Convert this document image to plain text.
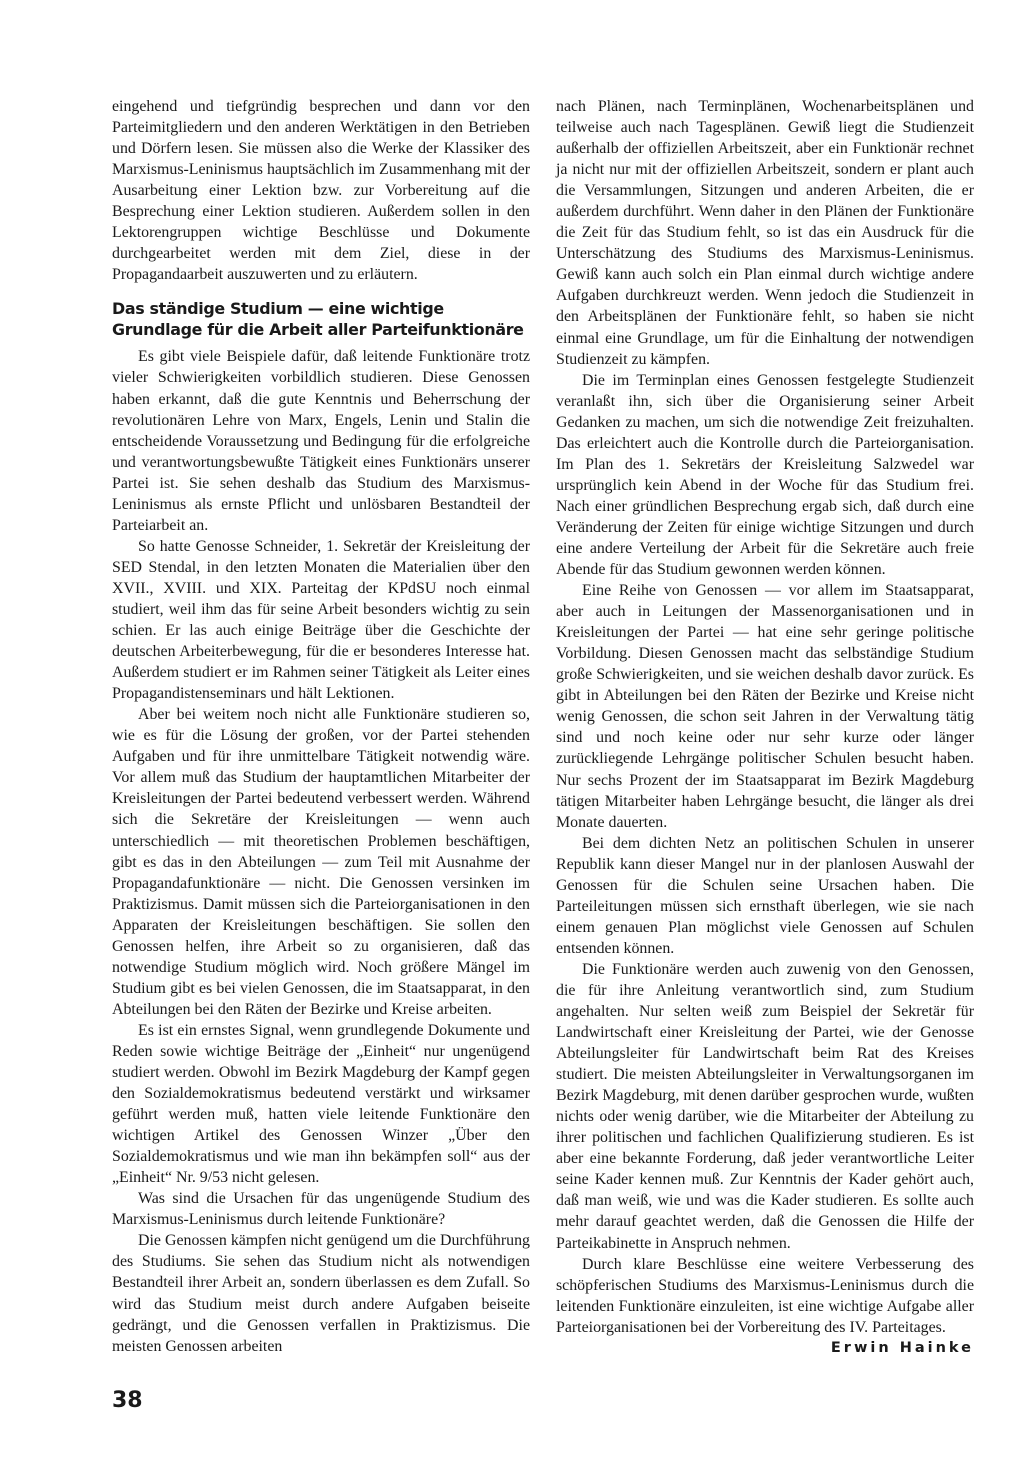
eingehend und tiefgründig besprechen und dann vor den Parteimitgliedern und den anderen Werktätigen in den Betrieben und Dörfern lesen. Sie müssen also die Werke der Klassiker des Marxismus-Leninismus hauptsächlich im Zusammenhang mit der Ausarbeitung einer Lektion bzw. zur Vorbereitung auf die Besprechung einer Lektion studieren. Außerdem sollen in den Lektorengruppen wichtige Beschlüsse und Dokumente durchgearbeitet werden mit dem Ziel, diese in der Propagandaarbeit auszuwerten und zu erläutern.

Das ständige Studium — eine wichtige Grundlage für die Arbeit aller Parteifunktionäre

Es gibt viele Beispiele dafür, daß leitende Funktionäre trotz vieler Schwierigkeiten vorbildlich studieren. Diese Genossen haben erkannt, daß die gute Kenntnis und Beherrschung der revolutionären Lehre von Marx, Engels, Lenin und Stalin die entscheidende Voraussetzung und Bedingung für die erfolgreiche und verantwortungsbewußte Tätigkeit eines Funktionärs unserer Partei ist. Sie sehen deshalb das Studium des Marxismus-Leninismus als ernste Pflicht und unlösbaren Bestandteil der Parteiarbeit an.

So hatte Genosse Schneider, 1. Sekretär der Kreisleitung der SED Stendal, in den letzten Monaten die Materialien über den XVII., XVIII. und XIX. Parteitag der KPdSU noch einmal studiert, weil ihm das für seine Arbeit besonders wichtig zu sein schien. Er las auch einige Beiträge über die Geschichte der deutschen Arbeiterbewegung, für die er besonderes Interesse hat. Außerdem studiert er im Rahmen seiner Tätigkeit als Leiter eines Propagandistenseminars und hält Lektionen.

Aber bei weitem noch nicht alle Funktionäre studieren so, wie es für die Lösung der großen, vor der Partei stehenden Aufgaben und für ihre unmittelbare Tätigkeit notwendig wäre. Vor allem muß das Studium der hauptamtlichen Mitarbeiter der Kreisleitungen der Partei bedeutend verbessert werden. Während sich die Sekretäre der Kreisleitungen — wenn auch unterschiedlich — mit theoretischen Problemen beschäftigen, gibt es das in den Abteilungen — zum Teil mit Ausnahme der Propagandafunktionäre — nicht. Die Genossen versinken im Praktizismus. Damit müssen sich die Parteiorganisationen in den Apparaten der Kreisleitungen beschäftigen. Sie sollen den Genossen helfen, ihre Arbeit so zu organisieren, daß das notwendige Studium möglich wird. Noch größere Mängel im Studium gibt es bei vielen Genossen, die im Staatsapparat, in den Abteilungen bei den Räten der Bezirke und Kreise arbeiten.

Es ist ein ernstes Signal, wenn grundlegende Dokumente und Reden sowie wichtige Beiträge der „Einheit“ nur ungenügend studiert werden. Obwohl im Bezirk Magdeburg der Kampf gegen den Sozialdemokratismus bedeutend verstärkt und wirksamer geführt werden muß, hatten viele leitende Funktionäre den wichtigen Artikel des Genossen Winzer „Über den Sozialdemokratismus und wie man ihn bekämpfen soll“ aus der „Einheit“ Nr. 9/53 nicht gelesen.

Was sind die Ursachen für das ungenügende Studium des Marxismus-Leninismus durch leitende Funktionäre?

Die Genossen kämpfen nicht genügend um die Durchführung des Studiums. Sie sehen das Studium nicht als notwendigen Bestandteil ihrer Arbeit an, sondern überlassen es dem Zufall. So wird das Studium meist durch andere Aufgaben beiseite gedrängt, und die Genossen verfallen in Praktizismus. Die meisten Genossen arbeiten

nach Plänen, nach Terminplänen, Wochenarbeitsplänen und teilweise auch nach Tagesplänen. Gewiß liegt die Studienzeit außerhalb der offiziellen Arbeitszeit, aber ein Funktionär rechnet ja nicht nur mit der offiziellen Arbeitszeit, sondern er plant auch die Versammlungen, Sitzungen und anderen Arbeiten, die er außerdem durchführt. Wenn daher in den Plänen der Funktionäre die Zeit für das Studium fehlt, so ist das ein Ausdruck für die Unterschätzung des Studiums des Marxismus-Leninismus. Gewiß kann auch solch ein Plan einmal durch wichtige andere Aufgaben durchkreuzt werden. Wenn jedoch die Studienzeit in den Arbeitsplänen der Funktionäre fehlt, so haben sie nicht einmal eine Grundlage, um für die Einhaltung der notwendigen Studienzeit zu kämpfen.

Die im Terminplan eines Genossen festgelegte Studienzeit veranlaßt ihn, sich über die Organisierung seiner Arbeit Gedanken zu machen, um sich die notwendige Zeit freizuhalten. Das erleichtert auch die Kontrolle durch die Parteiorganisation. Im Plan des 1. Sekretärs der Kreisleitung Salzwedel war ursprünglich kein Abend in der Woche für das Studium frei. Nach einer gründlichen Besprechung ergab sich, daß durch eine Veränderung der Zeiten für einige wichtige Sitzungen und durch eine andere Verteilung der Arbeit für die Sekretäre auch freie Abende für das Studium gewonnen werden können.

Eine Reihe von Genossen — vor allem im Staatsapparat, aber auch in Leitungen der Massenorganisationen und in Kreisleitungen der Partei — hat eine sehr geringe politische Vorbildung. Diesen Genossen macht das selbständige Studium große Schwierigkeiten, und sie weichen deshalb davor zurück. Es gibt in Abteilungen bei den Räten der Bezirke und Kreise nicht wenig Genossen, die schon seit Jahren in der Verwaltung tätig sind und noch keine oder nur sehr kurze oder länger zurückliegende Lehrgänge politischer Schulen besucht haben. Nur sechs Prozent der im Staatsapparat im Bezirk Magdeburg tätigen Mitarbeiter haben Lehrgänge besucht, die länger als drei Monate dauerten.

Bei dem dichten Netz an politischen Schulen in unserer Republik kann dieser Mangel nur in der planlosen Auswahl der Genossen für die Schulen seine Ursachen haben. Die Parteileitungen müssen sich ernsthaft überlegen, wie sie nach einem genauen Plan möglichst viele Genossen auf Schulen entsenden können.

Die Funktionäre werden auch zuwenig von den Genossen, die für ihre Anleitung verantwortlich sind, zum Studium angehalten. Nur selten weiß zum Beispiel der Sekretär für Landwirtschaft einer Kreisleitung der Partei, wie der Genosse Abteilungsleiter für Landwirtschaft beim Rat des Kreises studiert. Die meisten Abteilungsleiter in Verwaltungsorganen im Bezirk Magdeburg, mit denen darüber gesprochen wurde, wußten nichts oder wenig darüber, wie die Mitarbeiter der Abteilung zu ihrer politischen und fachlichen Qualifizierung studieren. Es ist aber eine bekannte Forderung, daß jeder verantwortliche Leiter seine Kader kennen muß. Zur Kenntnis der Kader gehört auch, daß man weiß, wie und was die Kader studieren. Es sollte auch mehr darauf geachtet werden, daß die Genossen die Hilfe der Parteikabinette in Anspruch nehmen.

Durch klare Beschlüsse eine weitere Verbesserung des schöpferischen Studiums des Marxismus-Leninismus durch die leitenden Funktionäre einzuleiten, ist eine wichtige Aufgabe aller Parteiorganisationen bei der Vorbereitung des IV. Parteitages.
Erwin Hainke

38
